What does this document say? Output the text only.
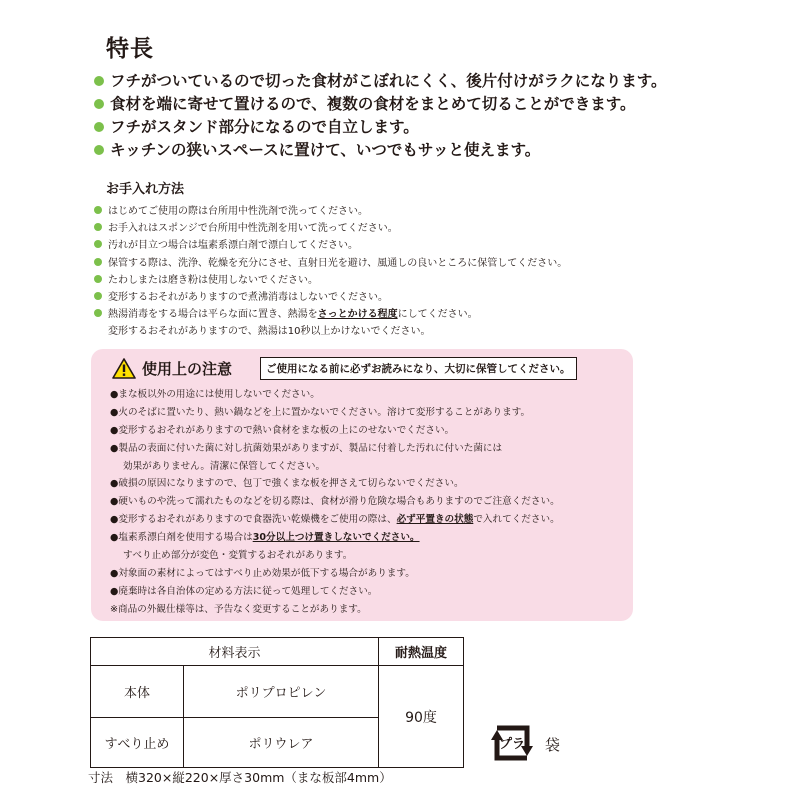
特長
フチがついているので切った食材がこぼれにくく、後片付けがラクになります。
食材を端に寄せて置けるので、複数の食材をまとめて切ることができます。
フチがスタンド部分になるので自立します。
キッチンの狭いスペースに置けて、いつでもサッと使えます。
お手入れ方法
はじめてご使用の際は台所用中性洗剤で洗ってください。
お手入れはスポンジで台所用中性洗剤を用いて洗ってください。
汚れが目立つ場合は塩素系漂白剤で漂白してください。
保管する際は、洗浄、乾燥を充分にさせ、直射日光を避け、風通しの良いところに保管してください。
たわしまたは磨き粉は使用しないでください。
変形するおそれがありますので煮沸消毒はしないでください。
熱湯消毒をする場合は平らな面に置き、熱湯をさっとかける程度にしてください。
変形するおそれがありますので、熱湯は10秒以上かけないでください。
使用上の注意	ご使用になる前に必ずお読みになり、大切に保管してください。
●まな板以外の用途には使用しないでください。
●火のそばに置いたり、熱い鍋などを上に置かないでください。溶けて変形することがあります。
●変形するおそれがありますので熱い食材をまな板の上にのせないでください。
●製品の表面に付いた菌に対し抗菌効果がありますが、製品に付着した汚れに付いた菌には
効果がありません。清潔に保管してください。
●破損の原因になりますので、包丁で強くまな板を押さえて切らないでください。
●硬いものや洗って濡れたものなどを切る際は、食材が滑り危険な場合もありますのでご注意ください。
●変形するおそれがありますので食器洗い乾燥機をご使用の際は、必ず平置きの状態で入れてください。
●塩素系漂白剤を使用する場合は30分以上つけ置きしないでください。
すべり止め部分が変色・変質するおそれがあります。
●対象面の素材によってはすべり止め効果が低下する場合があります。
●廃棄時は各自治体の定める方法に従って処理してください。
※商品の外観仕様等は、予告なく変更することがあります。
材料表示		耐熱温度
本体	ポリプロピレン	90度
すべり止め	ポリウレア	
寸法　横320×縦220×厚さ30mm（まな板部4mm）
プラ 袋
